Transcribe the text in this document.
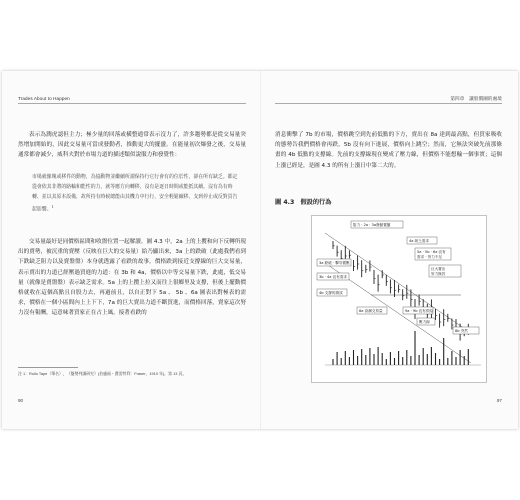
Trades About to Happen

表示為潤虎認但主力；極少量的回落或橫整通常表示沒力了，許多趨勢都是從交易量突然增加開始的，因此交易量可當成發動者，推動更大的擺盪。在能量初次爆發之後，交易量通常都會減少，威科夫對於市場力道的描述類似說服力和發覺性：

市場就像塊或移件的動物，為協動物並繼續所謂保持行它行會有的位於性，卻在所有缺乏。都定從會依其非將的路輪和能性的力，就等應方向轉移，沒有是逐日時間或能抵其續。沒有為有時轉、並以其原本設備，故所持有時候總能由其機力中行行，安全輕鬆續移，支到停止或反對買告起影響。$^1$

交易量最好是同價格區間和收盤位置一起解讀。圖 4.3 中，2a 上的上攬和向下反轉所現出的賣勢，被沉重的賣壓（反映在巨大的交易量）給乃顯出來，3a 上的跌破（此處我們看到下跌缺乏阻力以及賣盤盤）本身就透露了看跌的故事。價格跌到接近支撐線的巨大交易量，表示賣出的力道已經壓過買進的力道：在 3b 和 4a，價格以中等交易量下跌，此處，低交易量（就像是賣盤盤）表示缺乏需求。5a 上的上攬上拉又而往上很鄉里及支撐，但後上擺動價格就收在這個高點且自股力去，再過前且，以自正對下 5a 、 5b 、6a 圖表出對極表的需求，價格在一個小區間內上上下下，7a 的巨大賣出力道不斷買進，而價格回落，賣家這次努力沒有報酬，這意味著買家正在占上風，接著看跌的

注 1：Rollo Tape（筆名），《盤勢判讀研究》(伯盧福・費雷特利：Fraser，1910 年)，第 13 頁。
90
第四章　讓股價圖的處境

消息衝擊了 7b 的市場，價格跳空到先前低點的下方，賣出在 8a 達到最高點，但買家吸收的態勢告我們價格會再跌，5b 沒有向下進展，價格向上跳空；然而，它無法突破先前那條畫的 4b 低點的支撐線。先前的支撐線現在變成了壓力線，但價格不能想輸一個事實；這個上漲已經是，是圖 4.3 的所有上漲日中第二大的。

圖 4.3　假設的行為
阻力 · 2a · 3a發動賣盤
4a 缺乏需求
5a · 5b · 6a 沒有
需求 · 努力不足
3a 跌破 · 擊穿賣壓
3b · 4a 沒有需求
巨大賣出
努力無效
4b 支撐的測試
8a 高潮交易量	9a · 9b 沒有供給
壓力線
8b 突然
97
